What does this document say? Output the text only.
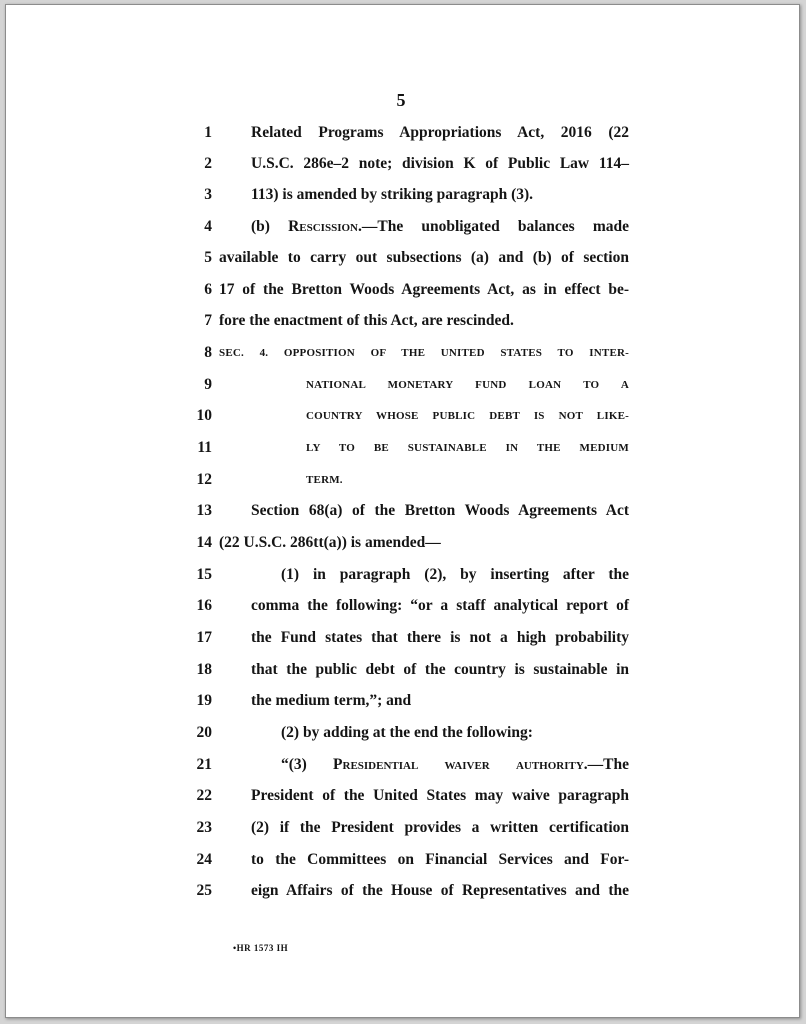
5
1	Related Programs Appropriations Act, 2016 (22
2	U.S.C. 286e–2 note; division K of Public Law 114–
3	113) is amended by striking paragraph (3).
4	(b) Rescission.—The unobligated balances made
5 available to carry out subsections (a) and (b) of section
6 17 of the Bretton Woods Agreements Act, as in effect be-
7 fore the enactment of this Act, are rescinded.
8 SEC. 4. OPPOSITION OF THE UNITED STATES TO INTER-
9	NATIONAL MONETARY FUND LOAN TO A
10	COUNTRY WHOSE PUBLIC DEBT IS NOT LIKE-
11	LY TO BE SUSTAINABLE IN THE MEDIUM
12	TERM.
13	Section 68(a) of the Bretton Woods Agreements Act
14 (22 U.S.C. 286tt(a)) is amended—
15	(1) in paragraph (2), by inserting after the
16	comma the following: “or a staff analytical report of
17	the Fund states that there is not a high probability
18	that the public debt of the country is sustainable in
19	the medium term,”; and
20	(2) by adding at the end the following:
21	“(3) Presidential waiver authority.—The
22	President of the United States may waive paragraph
23	(2) if the President provides a written certification
24	to the Committees on Financial Services and For-
25	eign Affairs of the House of Representatives and the
•HR 1573 IH
